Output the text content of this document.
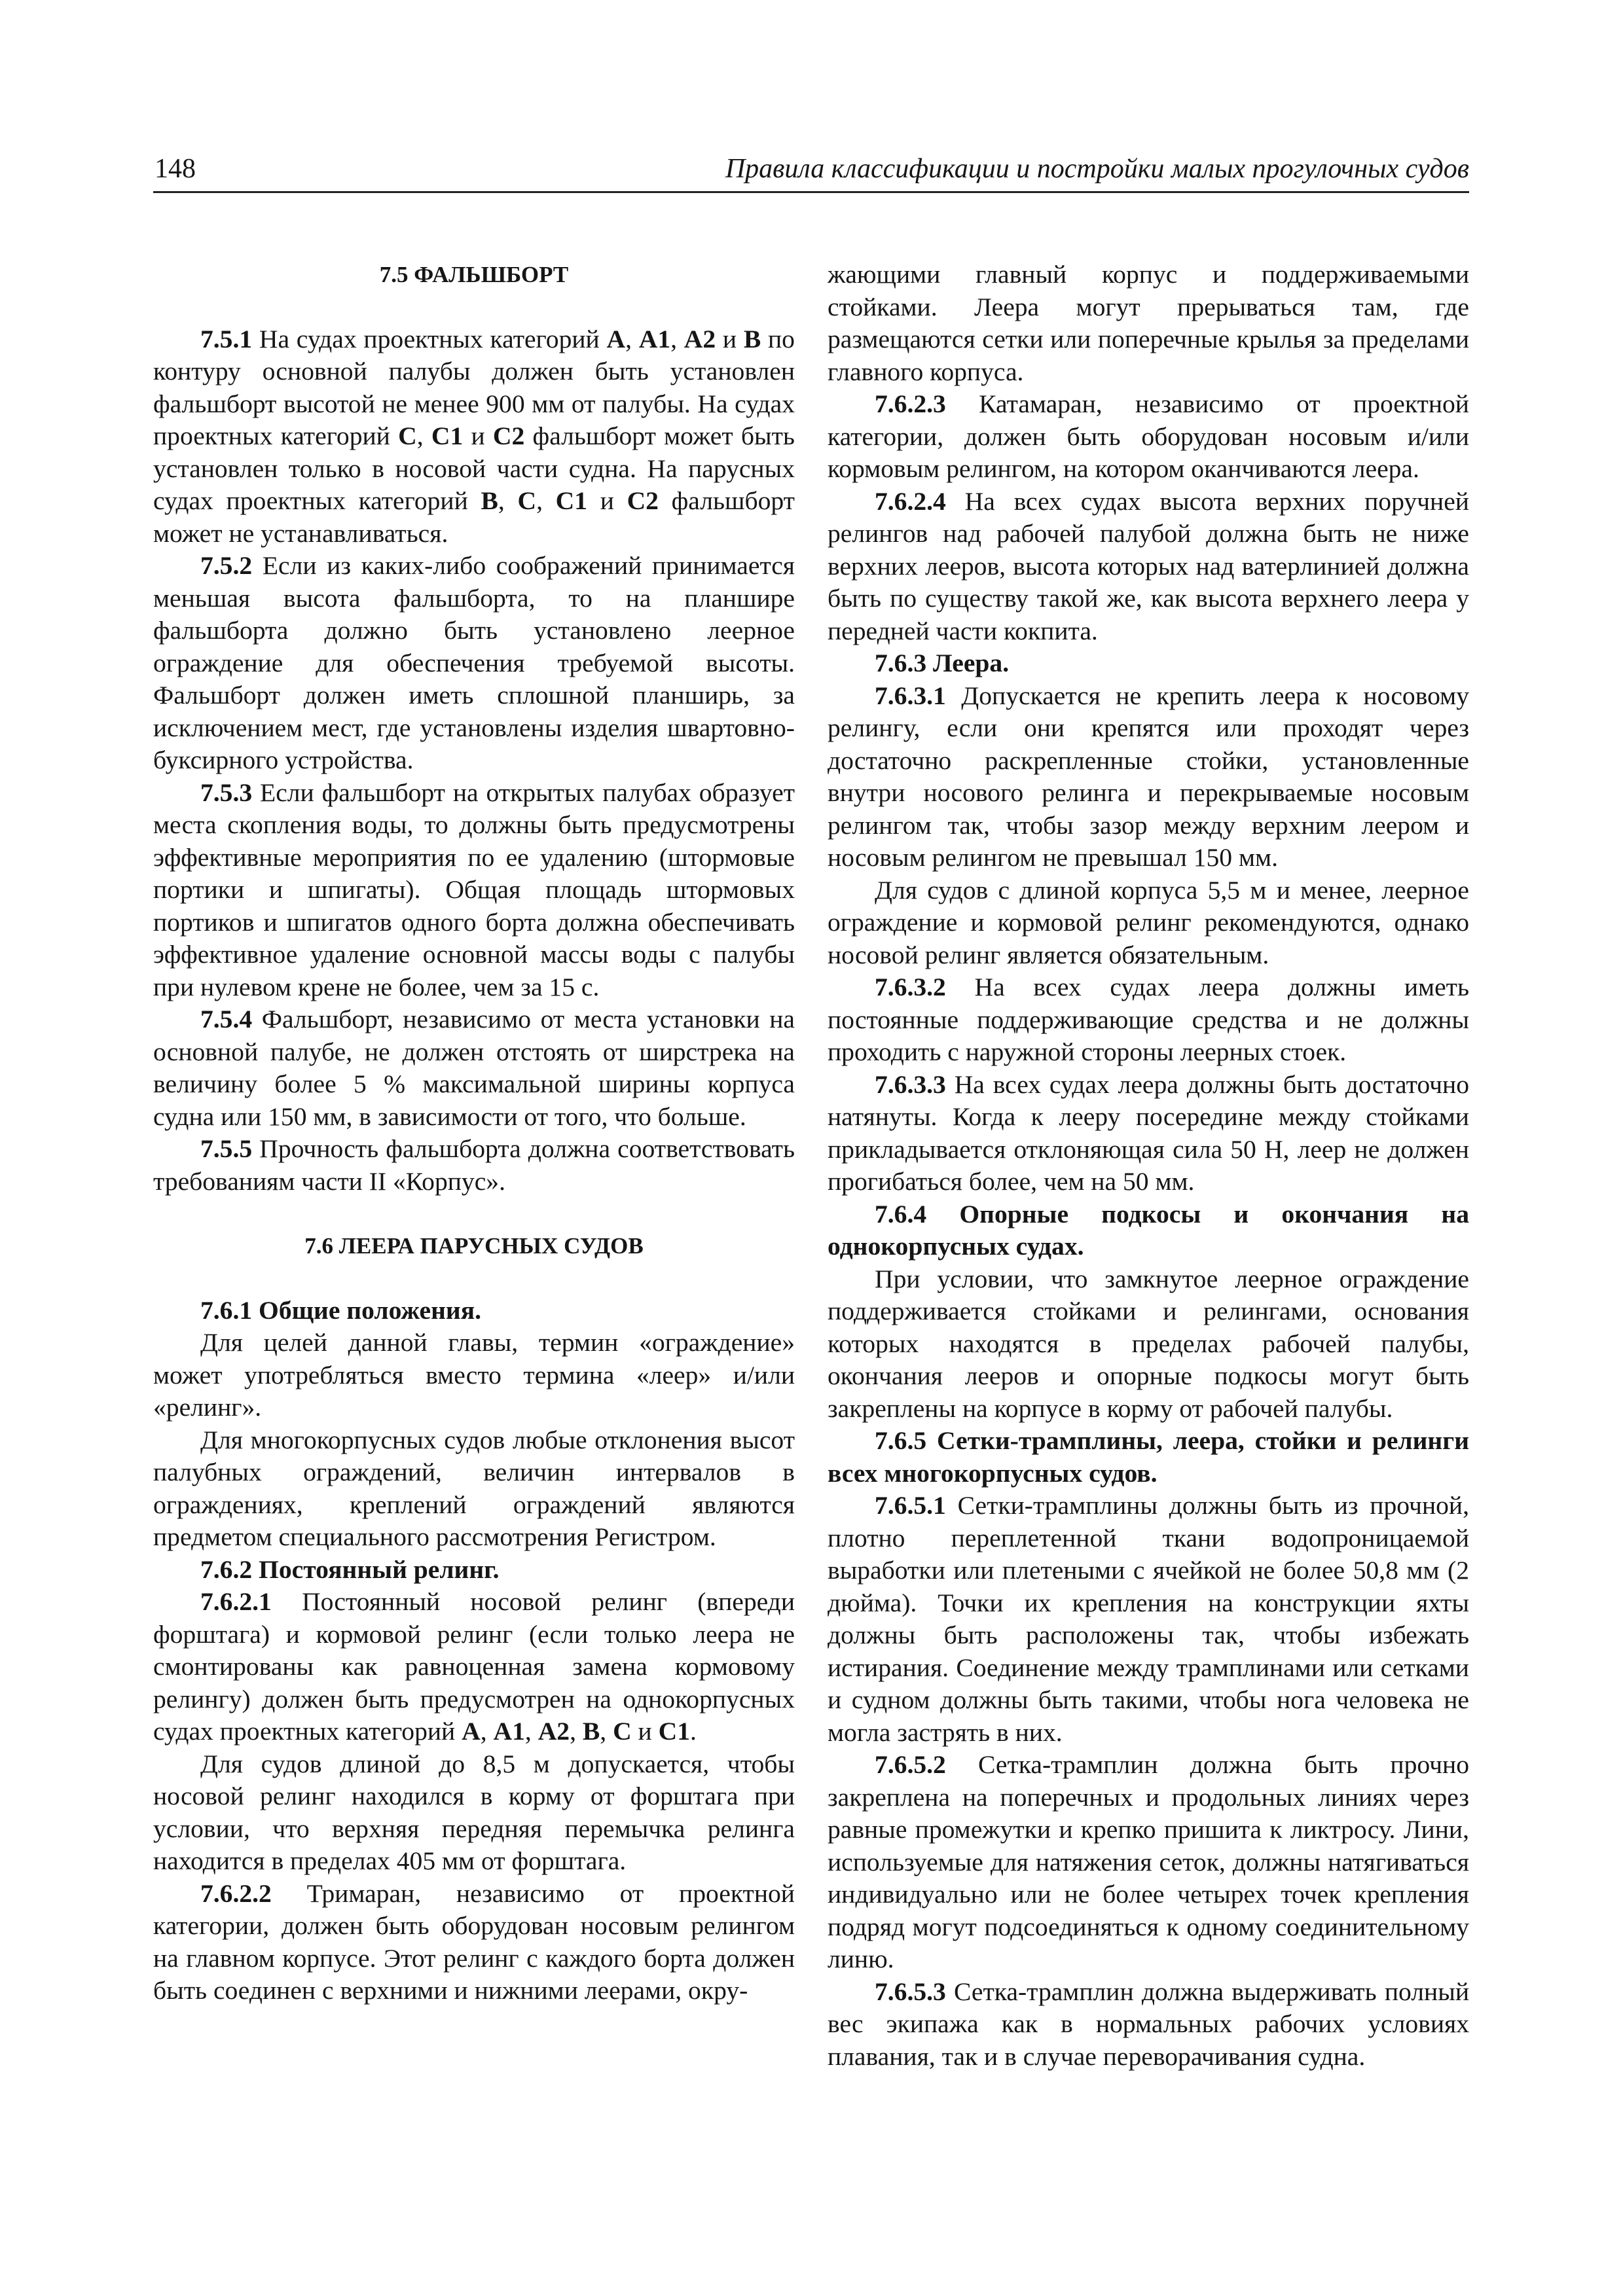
148	Правила классификации и постройки малых прогулочных судов
7.5 ФАЛЬШБОРТ

7.5.1 На судах проектных категорий A, A1, A2 и B по контуру основной палубы должен быть установлен фальшборт высотой не менее 900 мм от палубы. На судах проектных категорий C, C1 и C2 фальшборт может быть установлен только в носовой части судна. На парусных судах проектных категорий B, C, C1 и C2 фальшборт может не устанавливаться.

7.5.2 Если из каких-либо соображений принимается меньшая высота фальшборта, то на планшире фальшборта должно быть установлено леерное ограждение для обеспечения требуемой высоты. Фальшборт должен иметь сплошной планширь, за исключением мест, где установлены изделия швартовно-буксирного устройства.

7.5.3 Если фальшборт на открытых палубах образует места скопления воды, то должны быть предусмотрены эффективные мероприятия по ее удалению (штормовые портики и шпигаты). Общая площадь штормовых портиков и шпигатов одного борта должна обеспечивать эффективное удаление основной массы воды с палубы при нулевом крене не более, чем за 15 с.

7.5.4 Фальшборт, независимо от места установки на основной палубе, не должен отстоять от ширстрека на величину более 5 % максимальной ширины корпуса судна или 150 мм, в зависимости от того, что больше.

7.5.5 Прочность фальшборта должна соответствовать требованиям части II «Корпус».

7.6 ЛЕЕРА ПАРУСНЫХ СУДОВ
7.6.1 Общие положения.

Для целей данной главы, термин «ограждение» может употребляться вместо термина «леер» и/или «релинг».

Для многокорпусных судов любые отклонения высот палубных ограждений, величин интервалов в ограждениях, креплений ограждений являются предметом специального рассмотрения Регистром.

7.6.2 Постоянный релинг.

7.6.2.1 Постоянный носовой релинг (впереди форштага) и кормовой релинг (если только леера не смонтированы как равноценная замена кормовому релингу) должен быть предусмотрен на однокорпусных судах проектных категорий A, A1, A2, B, C и C1.

Для судов длиной до 8,5 м допускается, чтобы носовой релинг находился в корму от форштага при условии, что верхняя передняя перемычка релинга находится в пределах 405 мм от форштага.

7.6.2.2 Тримаран, независимо от проектной категории, должен быть оборудован носовым релингом на главном корпусе. Этот релинг с каждого борта должен быть соединен с верхними и нижними леерами, окру-

жающими главный корпус и поддерживаемыми стойками. Леера могут прерываться там, где размещаются сетки или поперечные крылья за пределами главного корпуса.

7.6.2.3 Катамаран, независимо от проектной категории, должен быть оборудован носовым и/или кормовым релингом, на котором оканчиваются леера.

7.6.2.4 На всех судах высота верхних поручней релингов над рабочей палубой должна быть не ниже верхних лееров, высота которых над ватерлинией должна быть по существу такой же, как высота верхнего леера у передней части кокпита.

7.6.3 Леера.

7.6.3.1 Допускается не крепить леера к носовому релингу, если они крепятся или проходят через достаточно раскрепленные стойки, установленные внутри носового релинга и перекрываемые носовым релингом так, чтобы зазор между верхним леером и носовым релингом не превышал 150 мм.

Для судов с длиной корпуса 5,5 м и менее, леерное ограждение и кормовой релинг рекомендуются, однако носовой релинг является обязательным.

7.6.3.2 На всех судах леера должны иметь постоянные поддерживающие средства и не должны проходить с наружной стороны леерных стоек.

7.6.3.3 На всех судах леера должны быть достаточно натянуты. Когда к лееру посередине между стойками прикладывается отклоняющая сила 50 Н, леер не должен прогибаться более, чем на 50 мм.

7.6.4 Опорные подкосы и окончания на однокорпусных судах.

При условии, что замкнутое леерное ограждение поддерживается стойками и релингами, основания которых находятся в пределах рабочей палубы, окончания лееров и опорные подкосы могут быть закреплены на корпусе в корму от рабочей палубы.

7.6.5 Сетки-трамплины, леера, стойки и релинги всех многокорпусных судов.

7.6.5.1 Сетки-трамплины должны быть из прочной, плотно переплетенной ткани водопроницаемой выработки или плетеными с ячейкой не более 50,8 мм (2 дюйма). Точки их крепления на конструкции яхты должны быть расположены так, чтобы избежать истирания. Соединение между трамплинами или сетками и судном должны быть такими, чтобы нога человека не могла застрять в них.

7.6.5.2 Сетка-трамплин должна быть прочно закреплена на поперечных и продольных линиях через равные промежутки и крепко пришита к ликтросу. Лини, используемые для натяжения сеток, должны натягиваться индивидуально или не более четырех точек крепления подряд могут подсоединяться к одному соединительному линю.

7.6.5.3 Сетка-трамплин должна выдерживать полный вес экипажа как в нормальных рабочих условиях плавания, так и в случае переворачивания судна.
